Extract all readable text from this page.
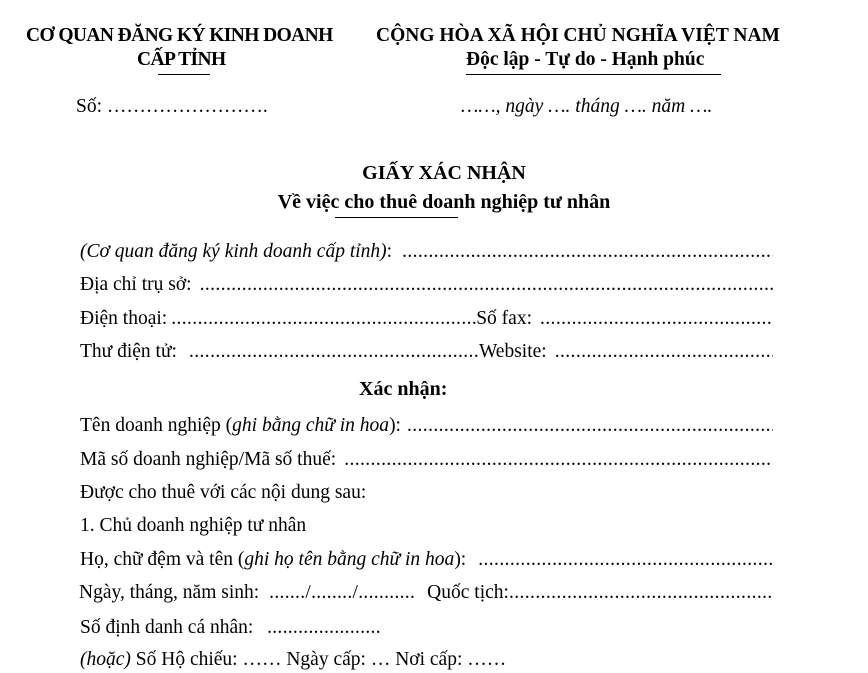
CƠ QUAN ĐĂNG KÝ KINH DOANH
CẤP TỈNH
Số: …………………….
CỘNG HÒA XÃ HỘI CHỦ NGHĨA VIỆT NAM
Độc lập - Tự do - Hạnh phúc
……, ngày …. tháng …. năm ….
GIẤY XÁC NHẬN
Về việc cho thuê doanh nghiệp tư nhân
(Cơ quan đăng ký kinh doanh cấp tỉnh) :
.....
Địa chỉ trụ sở:
.....
Điện thoại: .....	Số fax:
.....
Thư điện tử: .....	Website:
.....
Xác nhận:
Tên doanh nghiệp ( ghi bằng chữ in hoa ):
.....
Mã số doanh nghiệp/Mã số thuế:
.....
Được cho thuê với các nội dung sau:
1. Chủ doanh nghiệp tư nhân
Họ, chữ đệm và tên ( ghi họ tên bằng chữ in hoa ):
.....
Ngày, tháng, năm sinh: ......./......../........... Quốc tịch:
.....
Số định danh cá nhân: ......................
(hoặc) Số Hộ chiếu: …… Ngày cấp: … Nơi cấp: ……
